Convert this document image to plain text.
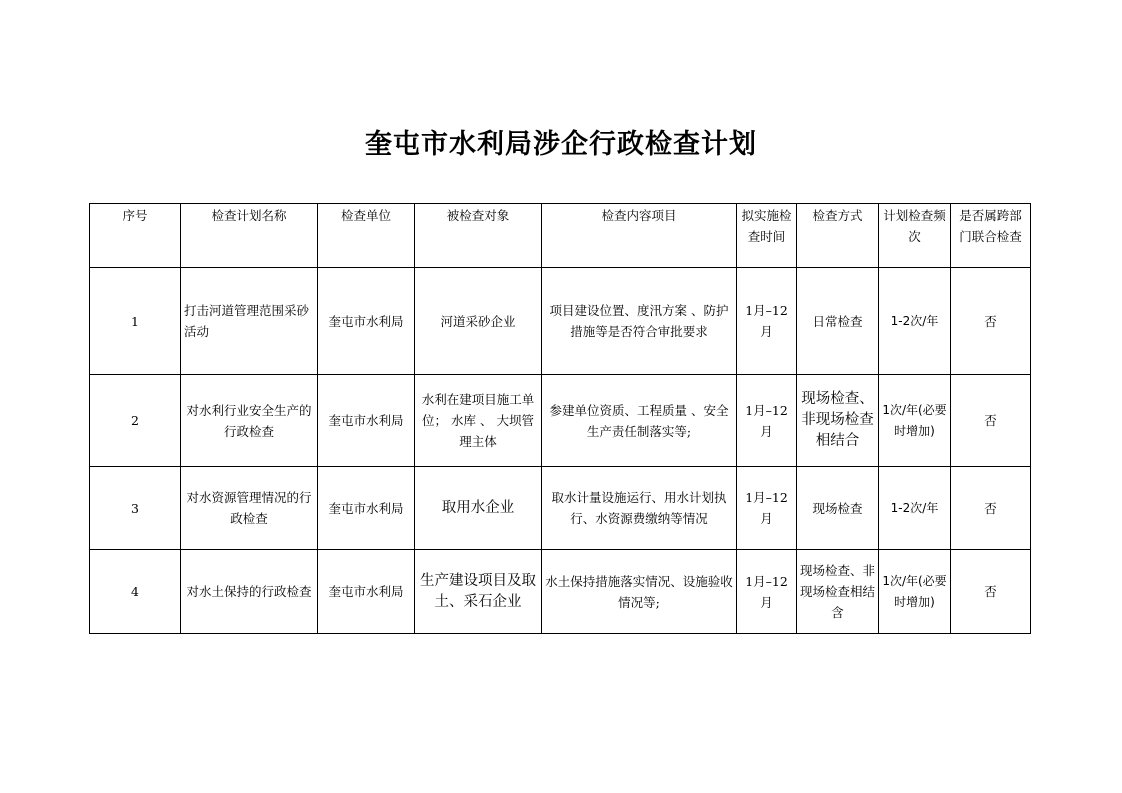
奎屯市水利局涉企行政检查计划
序号	检查计划名称	检查单位	被检查对象	检查内容项目	拟实施检查时间	检查方式	计划检查频次	是否属跨部门联合检查
1	打击河道管理范围采砂活动	奎屯市水利局	河道采砂企业	项目建设位置、度汛方案 、防护措施等是否符合审批要求	1月–12月	日常检查	1-2次/年	否
2	对水利行业安全生产的行政检查	奎屯市水利局	水利在建项目施工单位； 水库 、 大坝管理主体	参建单位资质、工程质量 、安全生产责任制落实等;	1月–12月	现场检查、非现场检查相结合	1次/年(必要时增加)	否
3	对水资源管理情况的行政检查	奎屯市水利局	取用水企业	取水计量设施运行、用水计划执行、水资源费缴纳等情况	1月–12月	现场检查	1-2次/年	否
4	对水土保持的行政检查	奎屯市水利局	生产建设项目及取土、采石企业	水土保持措施落实情况、设施验收情况等;	1月–12月	现场检查、非现场检查相结含	1次/年(必要时增加)	否
